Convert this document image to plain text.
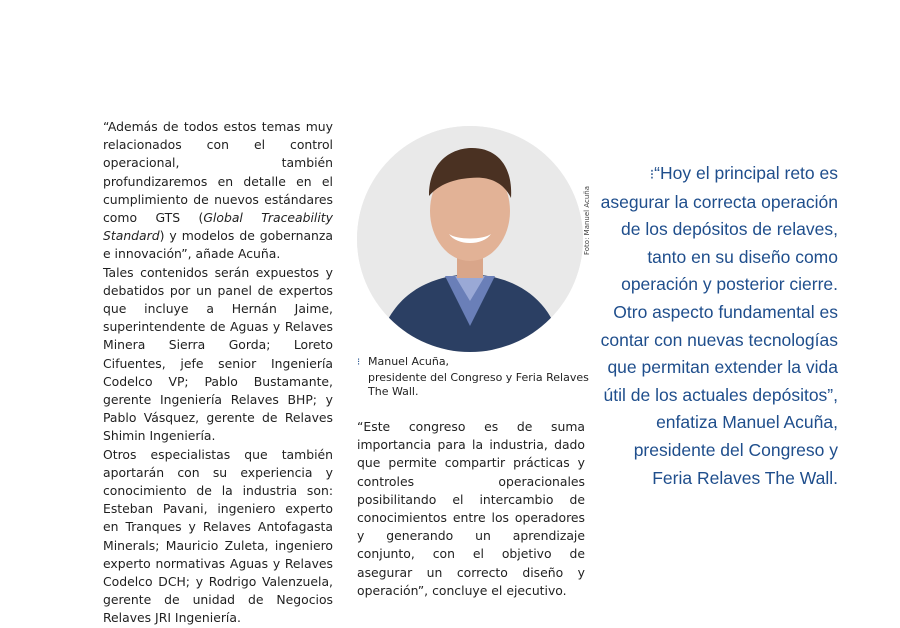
“Además de todos estos temas muy relacionados con el control operacional, también profundizaremos en detalle en el cumplimiento de nuevos estándares como GTS (Global Traceability Standard) y modelos de gobernanza e innovación”, añade Acuña.

Tales contenidos serán expuestos y debatidos por un panel de expertos que incluye a Hernán Jaime, superintendente de Aguas y Relaves Minera Sierra Gorda; Loreto Cifuentes, jefe senior Ingeniería Codelco VP; Pablo Bustamante, gerente Ingeniería Relaves BHP; y Pablo Vásquez, gerente de Relaves Shimin Ingeniería.

Otros especialistas que también aportarán con su experiencia y conocimiento de la industria son: Esteban Pavani, ingeniero experto en Tranques y Relaves Antofagasta Minerals; Mauricio Zuleta, ingeniero experto normativas Aguas y Relaves Codelco DCH; y Rodrigo Valenzuela, gerente de unidad de Negocios Relaves JRI Ingeniería.

Foto: Manuel Acuña
⁝ Manuel Acuña,
presidente del Congreso y Feria Relaves
The Wall.

“Este congreso es de suma importancia para la industria, dado que permite compartir prácticas y controles operacionales posibilitando el intercambio de conocimientos entre los operadores y generando un aprendizaje conjunto, con el objetivo de asegurar un correcto diseño y operación”, concluye el ejecutivo.

⁝“Hoy el principal reto es asegurar la correcta operación de los depósitos de relaves, tanto en su diseño como operación y posterior cierre. Otro aspecto fundamental es contar con nuevas tecnologías que permitan extender la vida útil de los actuales depósitos”, enfatiza Manuel Acuña, presidente del Congreso y Feria Relaves The Wall.
